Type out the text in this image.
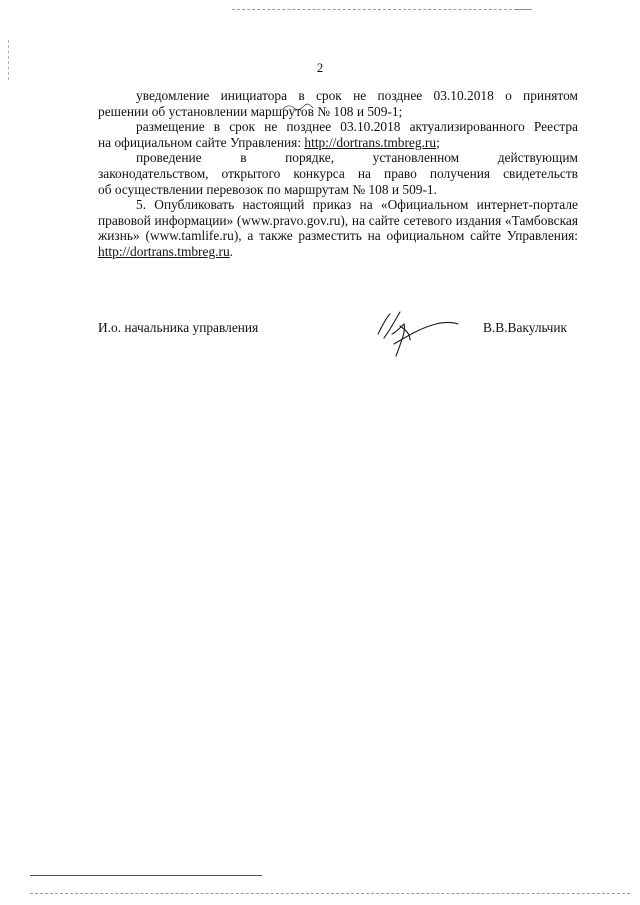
2

уведомление инициатора в срок не позднее 03.10.2018 о принятом

решении об установлении маршрутов № 108 и 509-1;

размещение в срок не позднее 03.10.2018 актуализированного Реестра

на официальном сайте Управления: http://dortrans.tmbreg.ru;

проведение	в	порядке,	установленном	действующим

законодательством, открытого конкурса на право получения свидетельств

об осуществлении перевозок по маршрутам № 108 и 509-1.

5. Опубликовать настоящий приказ на «Официальном интернет-портале правовой информации» (www.pravo.gov.ru), на сайте сетевого издания «Тамбовская жизнь» (www.tamlife.ru), а также разместить на официальном сайте Управления: http://dortrans.tmbreg.ru.

И.о. начальника управления	В.В.Вакульчик
